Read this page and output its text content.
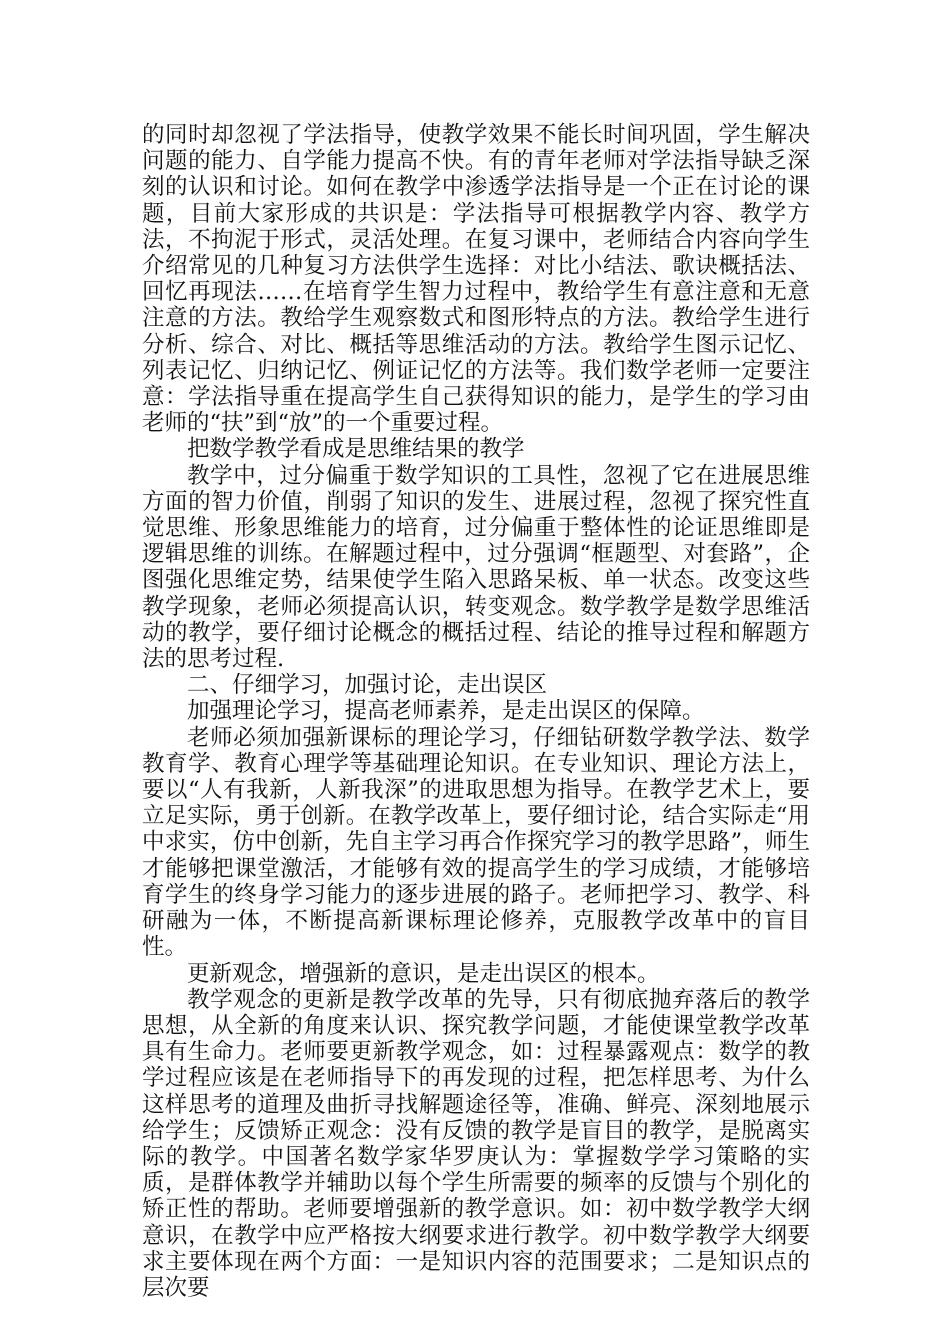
的同时却忽视了学法指导，使教学效果不能长时间巩固，学生解决问题的能力、自学能力提高不快。有的青年老师对学法指导缺乏深刻的认识和讨论。如何在教学中渗透学法指导是一个正在讨论的课题，目前大家形成的共识是：学法指导可根据教学内容、教学方法，不拘泥于形式，灵活处理。在复习课中，老师结合内容向学生介绍常见的几种复习方法供学生选择：对比小结法、歌诀概括法、回忆再现法……在培育学生智力过程中，教给学生有意注意和无意注意的方法。教给学生观察数式和图形特点的方法。教给学生进行分析、综合、对比、概括等思维活动的方法。教给学生图示记忆、列表记忆、归纳记忆、例证记忆的方法等。我们数学老师一定要注意：学法指导重在提高学生自己获得知识的能力，是学生的学习由老师的“扶”到“放”的一个重要过程。

把数学教学看成是思维结果的教学

教学中，过分偏重于数学知识的工具性，忽视了它在进展思维方面的智力价值，削弱了知识的发生、进展过程，忽视了探究性直觉思维、形象思维能力的培育，过分偏重于整体性的论证思维即是逻辑思维的训练。在解题过程中，过分强调“框题型、对套路”，企图强化思维定势，结果使学生陷入思路呆板、单一状态。改变这些教学现象，老师必须提高认识，转变观念。数学教学是数学思维活动的教学，要仔细讨论概念的概括过程、结论的推导过程和解题方法的思考过程.

二、仔细学习，加强讨论，走出误区

加强理论学习，提高老师素养，是走出误区的保障。

老师必须加强新课标的理论学习，仔细钻研数学教学法、数学教育学、教育心理学等基础理论知识。在专业知识、理论方法上，要以“人有我新，人新我深”的进取思想为指导。在教学艺术上，要立足实际，勇于创新。在教学改革上，要仔细讨论，结合实际走“用中求实，仿中创新，先自主学习再合作探究学习的教学思路”，师生才能够把课堂激活，才能够有效的提高学生的学习成绩，才能够培育学生的终身学习能力的逐步进展的路子。老师把学习、教学、科研融为一体，不断提高新课标理论修养，克服教学改革中的盲目性。

更新观念，增强新的意识，是走出误区的根本。

教学观念的更新是教学改革的先导，只有彻底抛弃落后的教学思想，从全新的角度来认识、探究教学问题，才能使课堂教学改革具有生命力。老师要更新教学观念，如：过程暴露观点：数学的教学过程应该是在老师指导下的再发现的过程，把怎样思考、为什么这样思考的道理及曲折寻找解题途径等，准确、鲜亮、深刻地展示给学生；反馈矫正观念：没有反馈的教学是盲目的教学，是脱离实际的教学。中国著名数学家华罗庚认为：掌握数学学习策略的实质，是群体教学并辅助以每个学生所需要的频率的反馈与个别化的矫正性的帮助。老师要增强新的教学意识。如：初中数学教学大纲意识，在教学中应严格按大纲要求进行教学。初中数学教学大纲要求主要体现在两个方面：一是知识内容的范围要求；二是知识点的层次要
